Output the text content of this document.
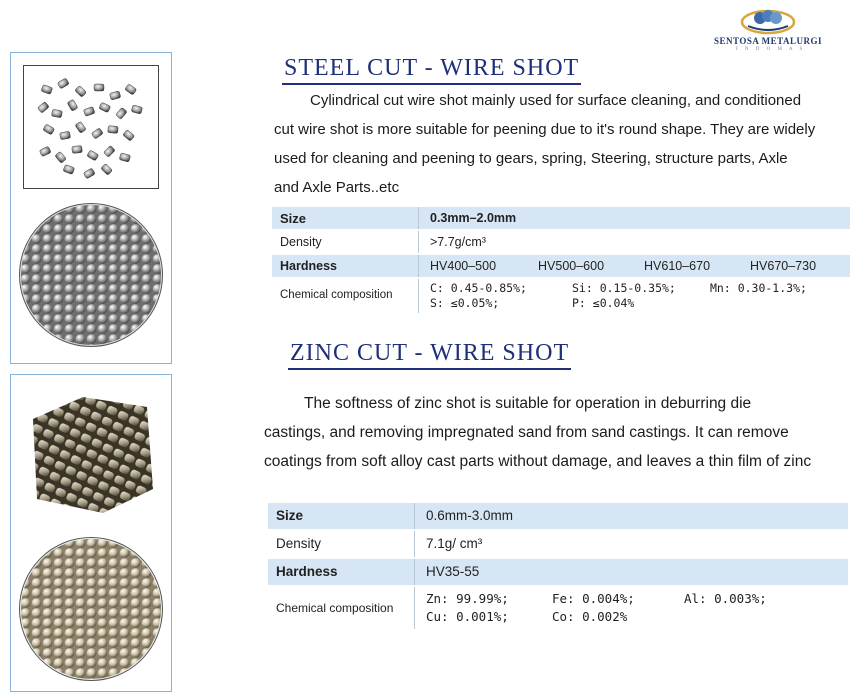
SENTOSA METALURGI
I N D O M A S
STEEL CUT - WIRE SHOT
Cylindrical cut wire shot mainly used for surface cleaning, and conditioned
cut wire shot is more suitable for peening due to it's round shape. They are widely
used for cleaning and peening to gears, spring, Steering, structure parts, Axle
and Axle Parts..etc
Size	0.3mm–2.0mm
Density	>7.7g/cm³
Hardness	HV400–500	HV500–600	HV610–670	HV670–730
Chemical composition	C: 0.45-0.85%;	Si: 0.15-0.35%;	Mn: 0.30-1.3%;
S: ≤0.05%;	P: ≤0.04%
ZINC CUT - WIRE SHOT
The softness of zinc shot is suitable for operation in deburring die
castings, and removing impregnated sand from sand castings. It can remove
coatings from soft alloy cast parts without damage, and leaves a thin film of zinc
Size	0.6mm-3.0mm
Density	7.1g/ cm³
Hardness	HV35-55
Chemical composition
Zn: 99.99%;	Fe: 0.004%;	Al: 0.003%;
Cu: 0.001%;	Co: 0.002%
